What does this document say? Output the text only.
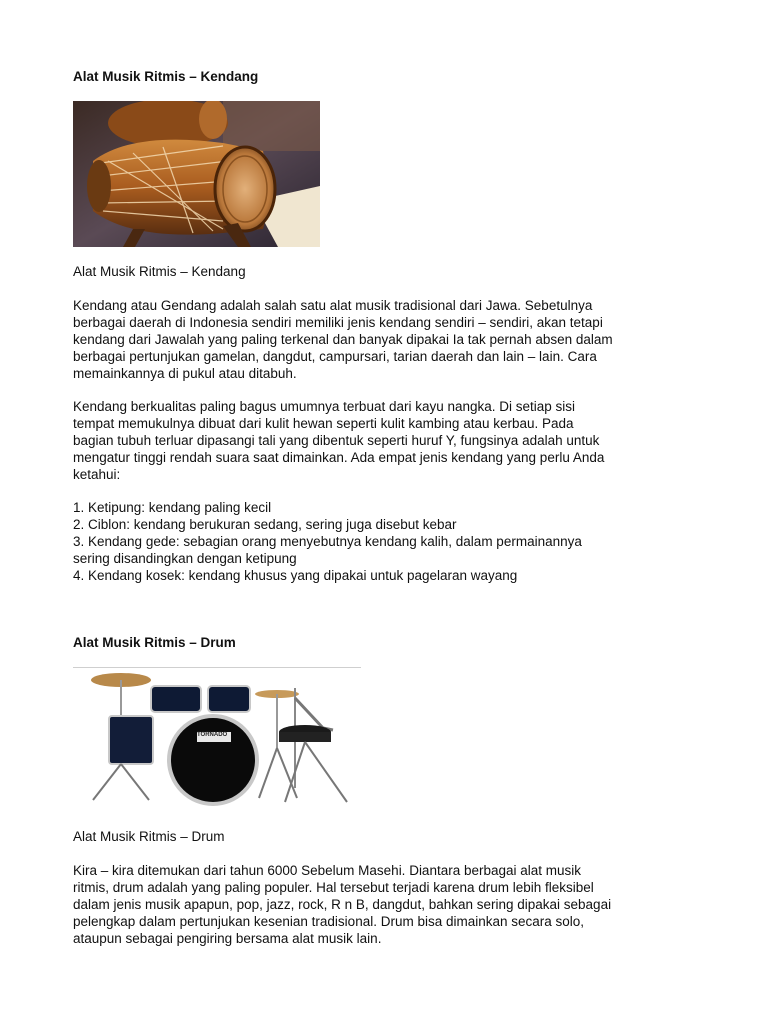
Alat Musik Ritmis – Kendang

Alat Musik Ritmis – Kendang

Kendang atau Gendang adalah salah satu alat musik tradisional dari Jawa. Sebetulnya
berbagai daerah di Indonesia sendiri memiliki jenis kendang sendiri – sendiri, akan tetapi
kendang dari Jawalah yang paling terkenal dan banyak dipakai Ia tak pernah absen dalam
berbagai pertunjukan gamelan, dangdut, campursari, tarian daerah dan lain – lain. Cara
memainkannya di pukul atau ditabuh.
Kendang berkualitas paling bagus umumnya terbuat dari kayu nangka. Di setiap sisi
tempat memukulnya dibuat dari kulit hewan seperti kulit kambing atau kerbau. Pada
bagian tubuh terluar dipasangi tali yang dibentuk seperti huruf Y, fungsinya adalah untuk
mengatur tinggi rendah suara saat dimainkan. Ada empat jenis kendang yang perlu Anda
ketahui:
1. Ketipung: kendang paling kecil
2. Ciblon: kendang berukuran sedang, sering juga disebut kebar
3. Kendang gede: sebagian orang menyebutnya kendang kalih, dalam permainannya
sering disandingkan dengan ketipung
4. Kendang kosek: kendang khusus yang dipakai untuk pagelaran wayang
Alat Musik Ritmis – Drum
TORNADO

Alat Musik Ritmis – Drum

Kira – kira ditemukan dari tahun 6000 Sebelum Masehi. Diantara berbagai alat musik
ritmis, drum adalah yang paling populer. Hal tersebut terjadi karena drum lebih fleksibel
dalam jenis musik apapun, pop, jazz, rock, R n B, dangdut, bahkan sering dipakai sebagai
pelengkap dalam pertunjukan kesenian tradisional. Drum bisa dimainkan secara solo,
ataupun sebagai pengiring bersama alat musik lain.
